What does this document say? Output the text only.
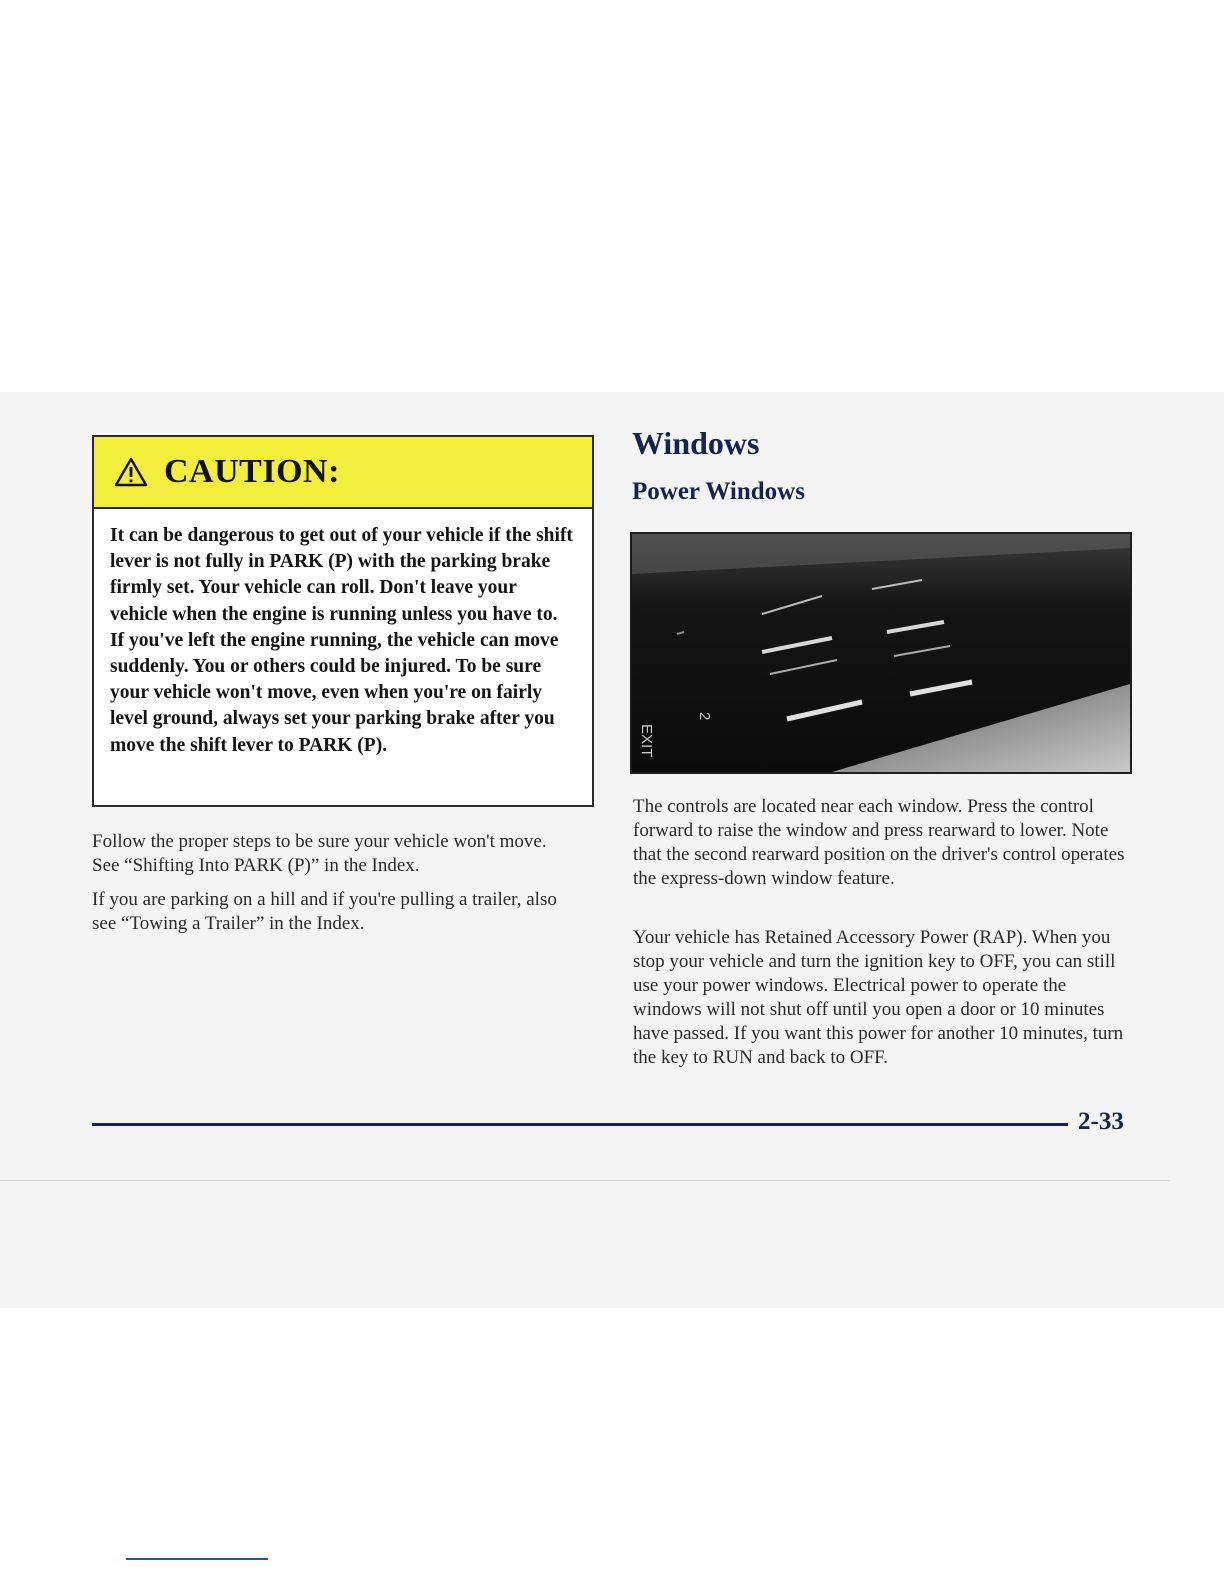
CAUTION:

It can be dangerous to get out of your vehicle if the shift lever is not fully in PARK (P) with the parking brake firmly set. Your vehicle can roll. Don't leave your vehicle when the engine is running unless you have to. If you've left the engine running, the vehicle can move suddenly. You or others could be injured. To be sure your vehicle won't move, even when you're on fairly level ground, always set your parking brake after you move the shift lever to PARK (P).

Follow the proper steps to be sure your vehicle won't move. See “Shifting Into PARK (P)” in the Index.

If you are parking on a hill and if you're pulling a trailer, also see “Towing a Trailer” in the Index.

Windows
Power Windows
EXIT
2

The controls are located near each window. Press the control forward to raise the window and press rearward to lower. Note that the second rearward position on the driver's control operates the express-down window feature.

Your vehicle has Retained Accessory Power (RAP). When you stop your vehicle and turn the ignition key to OFF, you can still use your power windows. Electrical power to operate the windows will not shut off until you open a door or 10 minutes have passed. If you want this power for another 10 minutes, turn the key to RUN and back to OFF.

2-33
